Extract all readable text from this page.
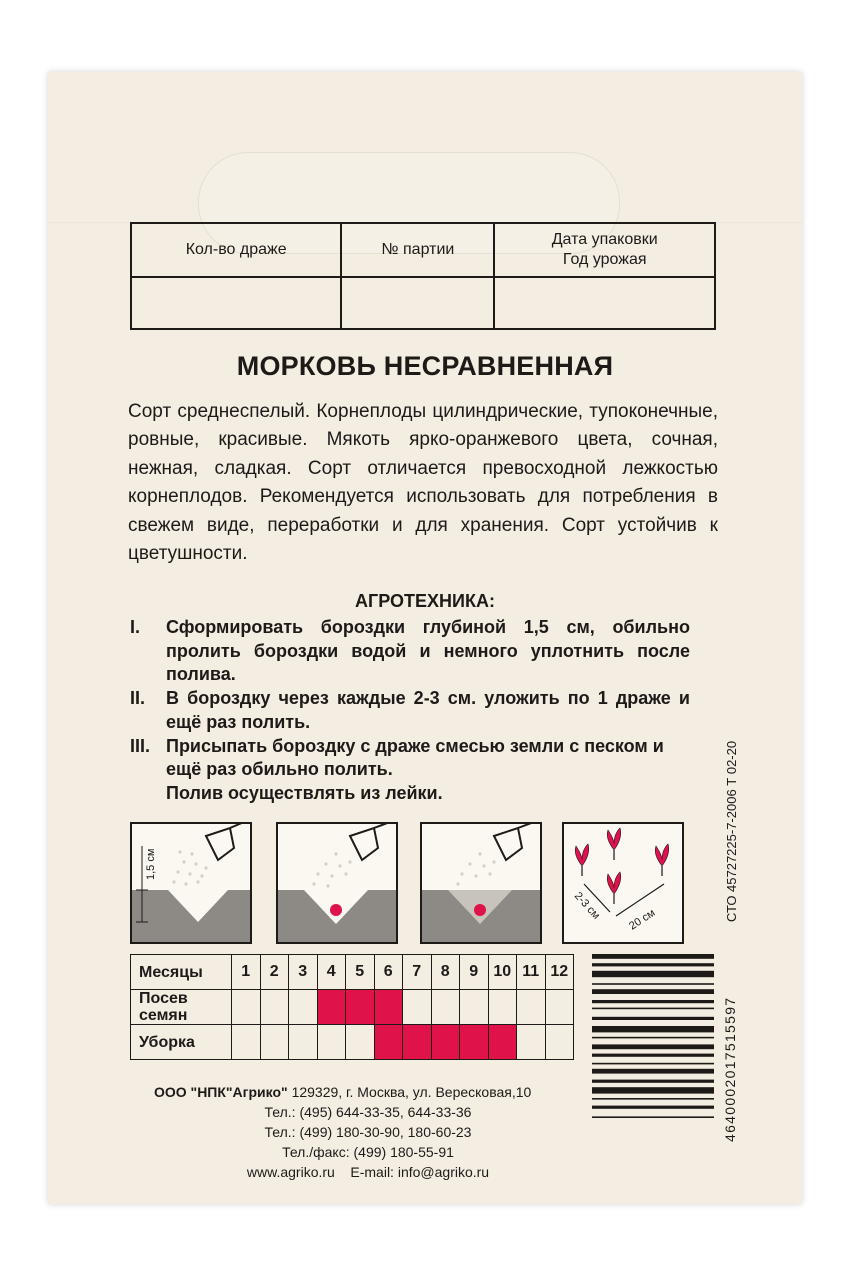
Кол-во драже	№ партии	Дата упаковки
Год урожая

МОРКОВЬ НЕСРАВНЕННАЯ
Сорт среднеспелый. Корнеплоды цилиндрические, тупоконечные, ровные, красивые. Мякоть ярко-оранжевого цвета, сочная, нежная, сладкая. Сорт отличается превосходной лежкостью корнеплодов. Рекомендуется использовать для потребления в свежем виде, переработки и для хранения. Сорт устойчив к цветушности.
АГРОТЕХНИКА:
I.	Сформировать бороздки глубиной 1,5 см, обильно пролить бороздки водой и немного уплотнить после полива.
II.	В бороздку через каждые 2-3 см. уложить по 1 драже и ещё раз полить.
III. Присыпать бороздку с драже смесью земли с песком и ещё раз обильно полить.
Полив осуществлять из лейки.
1,5 см
2-3 см 20 см
Месяцы	1	2	3	4	5	6	7	8	9	10	11	12
Посев
семян												
Уборка													4640002017515597
СТО 45727225-7-2006 Т 02-20
ООО "НПК"Агрико" 129329, г. Москва, ул. Вересковая,10
Тел.: (495) 644-33-35, 644-33-36
Тел.: (499) 180-30-90, 180-60-23
Тел./факс: (499) 180-55-91
www.agriko.ru E-mail: info@agriko.ru
